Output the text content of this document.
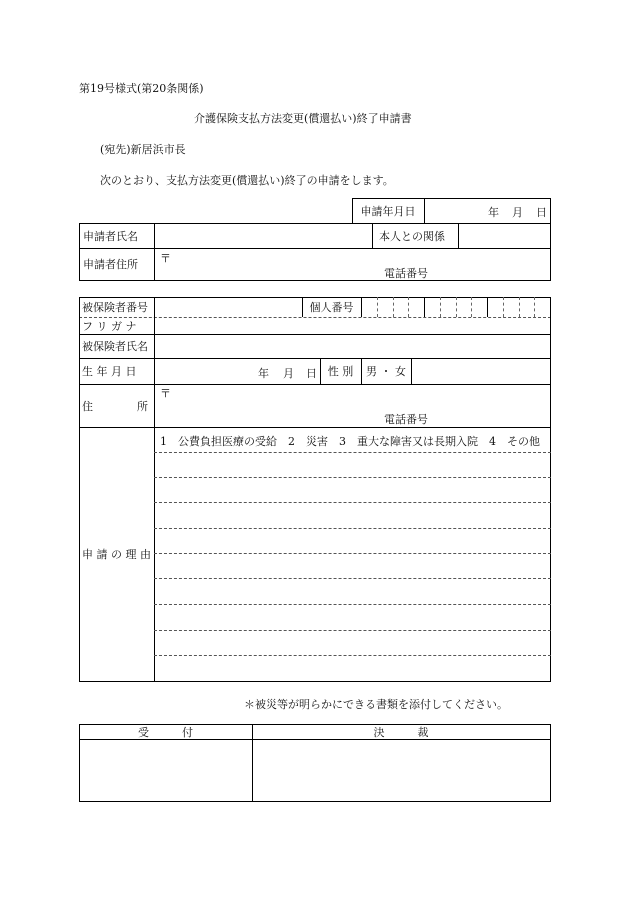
第19号様式(第20条関係)
介護保険支払方法変更(償還払い)終了申請書
(宛先)新居浜市長
次のとおり、支払方法変更(償還払い)終了の申請をします。
申請年月日	年 月 日
申請者氏名	本人との関係
申請者住所 〒
電話番号
被保険者番号	個人番号
フ リ ガ ナ
被保険者氏名
生 年 月 日	年 月 日 性 別	男 ・ 女
住　　　　所
〒
電話番号
申 請 の 理 由
1　公費負担医療の受給　2　災害　3　重大な障害又は長期入院　4　その他
＊被災等が明らかにできる書類を添付してください。
受　　　付	決　　　裁
